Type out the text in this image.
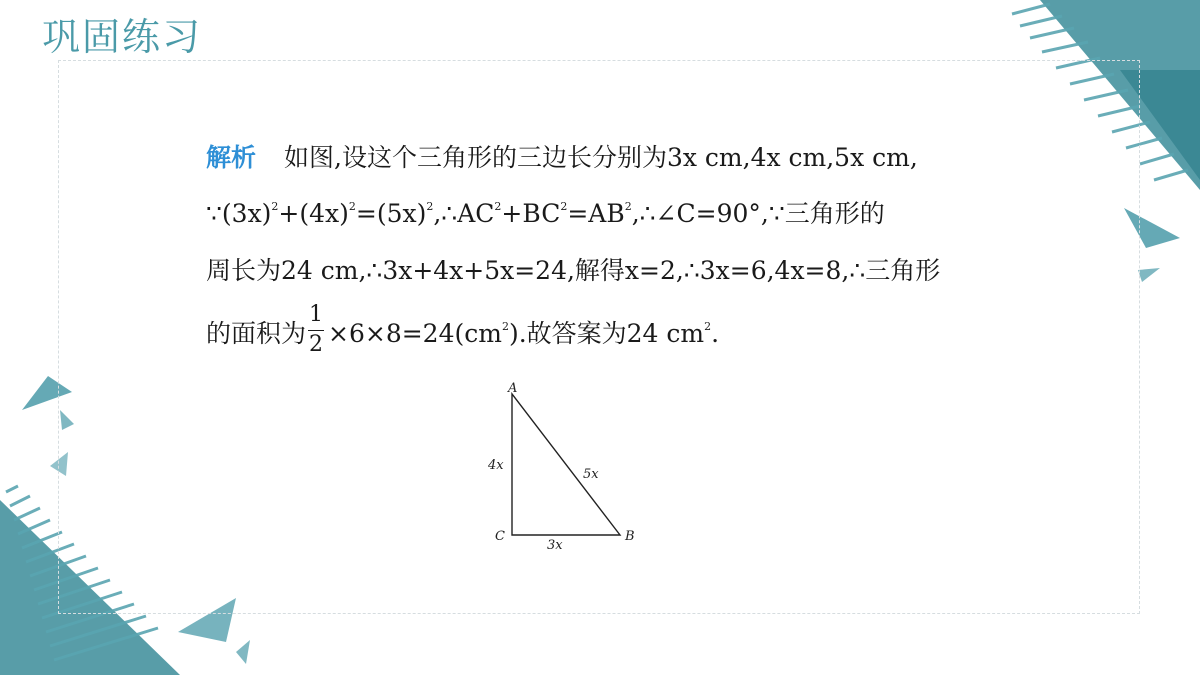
巩固练习
解析 如图,设这个三角形的三边长分别为3x cm,4x cm,5x cm,
$\because(3x)^2+(4x)^2=(5x)^2,\therefore AC^2+BC^2=AB^2,\therefore\angle C=90^\circ,\because$三角形的
周长为24 cm,∴3x+4x+5x=24,解得x=2,∴3x=6,4x=8,∴三角形
的面积为 $\frac{1}{2} \times 6\times 8=24(cm^2)$.故答案为24 $cm^2$.
A
C	B
4x
5x
3x
